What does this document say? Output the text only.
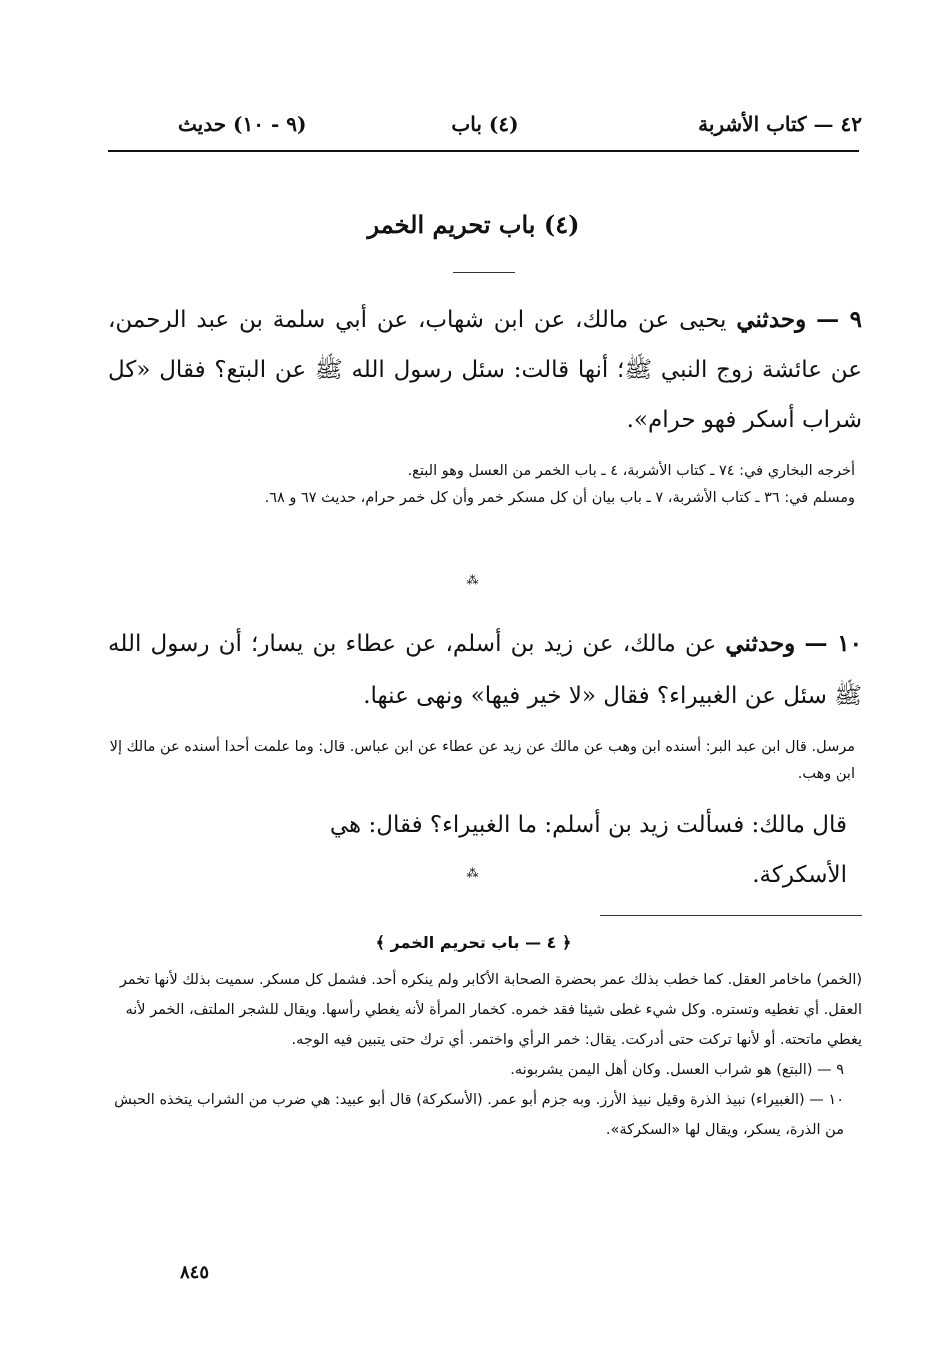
٤٢ — كتاب الأشربة
(٤) باب
(٩ - ١٠) حديث
(٤) باب تحريم الخمر
٩ — وحدثني يحيى عن مالك، عن ابن شهاب، عن أبي سلمة بن عبد الرحمن، عن عائشة زوج النبي ﷺ؛ أنها قالت: سئل رسول الله ﷺ عن البتع؟ فقال «كل شراب أسكر فهو حرام».
أخرجه البخاري في: ٧٤ ـ كتاب الأشربة، ٤ ـ باب الخمر من العسل وهو البتع.
ومسلم في: ٣٦ ـ كتاب الأشربة، ٧ ـ باب بيان أن كل مسكر خمر وأن كل خمر حرام، حديث ٦٧ و ٦٨.
⁂
١٠ — وحدثني عن مالك، عن زيد بن أسلم، عن عطاء بن يسار؛ أن رسول الله ﷺ سئل عن الغبيراء؟ فقال «لا خير فيها» ونهى عنها.
مرسل. قال ابن عبد البر: أسنده ابن وهب عن مالك عن زيد عن عطاء عن ابن عباس. قال: وما علمت أحدا أسنده عن مالك إلا ابن وهب.
قال مالك: فسألت زيد بن أسلم: ما الغبيراء؟ فقال: هي الأسكركة.
⁂
﴿ ٤ — باب تحريم الخمر ﴾

(الخمر) ماخامر العقل. كما خطب بذلك عمر بحضرة الصحابة الأكابر ولم ينكره أحد. فشمل كل مسكر. سميت بذلك لأنها تخمر العقل. أي تغطيه وتستره. وكل شيء غطى شيئا فقد خمره. كخمار المرأة لأنه يغطي رأسها. ويقال للشجر الملتف، الخمر لأنه يغطي ماتحته. أو لأنها تركت حتى أدركت. يقال: خمر الرأي واختمر. أي ترك حتى يتبين فيه الوجه.

٩ — (البتع) هو شراب العسل. وكان أهل اليمن يشربونه.

١٠ — (الغبيراء) نبيذ الذرة وقيل نبيذ الأرز. وبه جزم أبو عمر. (الأسكركة) قال أبو عبيد: هي ضرب من الشراب يتخذه الحبش من الذرة، يسكر، ويقال لها «السكركة».

٨٤٥
